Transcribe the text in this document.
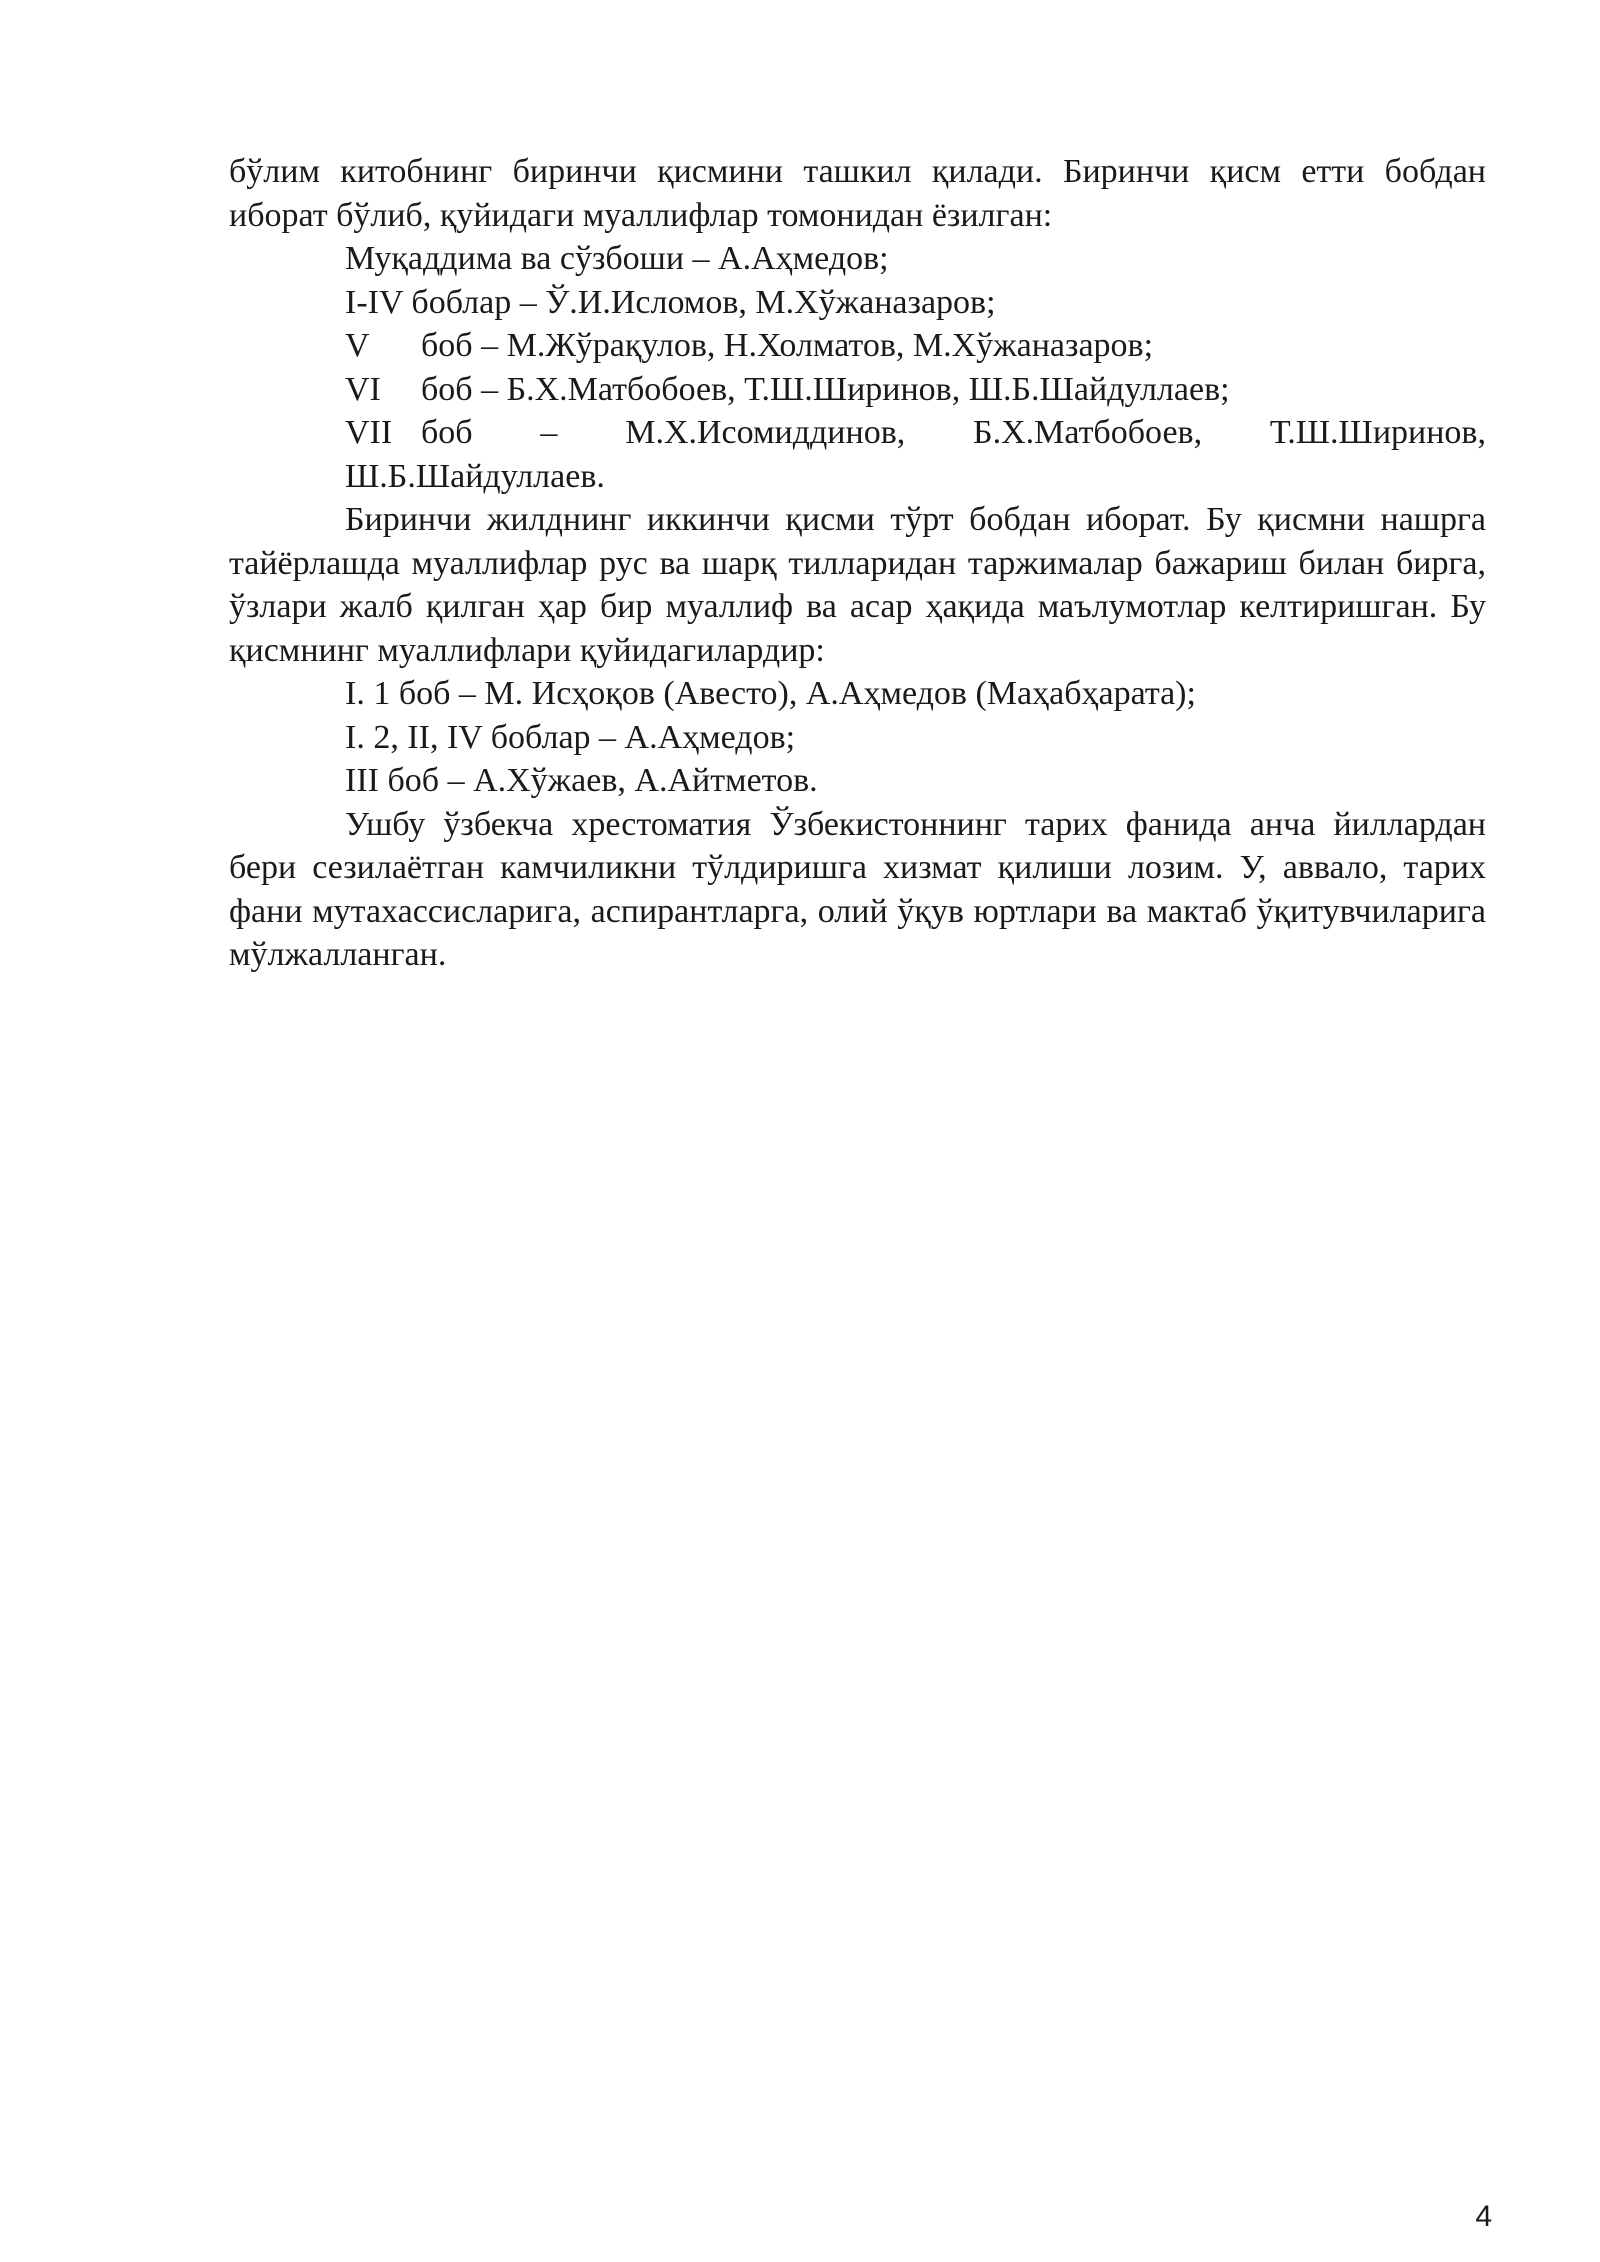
бўлим китобнинг биринчи қисмини ташкил қилади. Биринчи қисм етти бобдан иборат бўлиб, қуйидаги муаллифлар томонидан ёзилган:

Муқаддима ва сўзбоши – А.Аҳмедов;

I-IV боблар – Ў.И.Исломов, М.Хўжаназаров;

V	боб – М.Жўрақулов, Н.Холматов, М.Хўжаназаров;
VI	боб – Б.Х.Матбобоев, Т.Ш.Ширинов, Ш.Б.Шайдуллаев;
VII боб – М.Х.Исомиддинов, Б.Х.Матбобоев, Т.Ш.Ширинов,

Ш.Б.Шайдуллаев.

Биринчи жилднинг иккинчи қисми тўрт бобдан иборат. Бу қисмни нашрга тайёрлашда муаллифлар рус ва шарқ тилларидан таржималар бажариш билан бирга, ўзлари жалб қилган ҳар бир муаллиф ва асар ҳақида маълумотлар келтиришган. Бу қисмнинг муаллифлари қуйидагилардир:

I. 1 боб – М. Исҳоқов (Авесто), А.Аҳмедов (Маҳабҳарата);

I. 2, II, IV боблар – А.Аҳмедов;

III боб – А.Хўжаев, А.Айтметов.

Ушбу ўзбекча хрестоматия Ўзбекистоннинг тарих фанида анча йиллардан бери сезилаётган камчиликни тўлдиришга хизмат қилиши лозим. У, аввало, тарих фани мутахассисларига, аспирантларга, олий ўқув юртлари ва мактаб ўқитувчиларига мўлжалланган.

4
